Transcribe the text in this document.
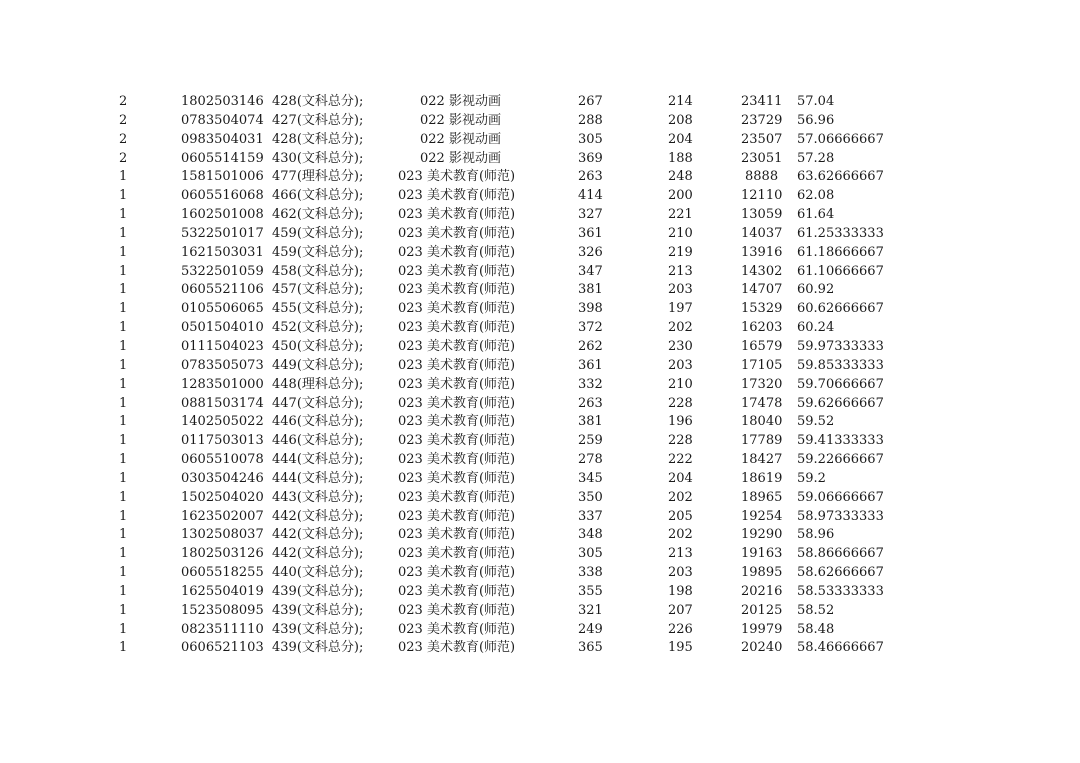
2	1802503146 428(文科总分);	022 影视动画	267	214	23411 57.04
2	0783504074 427(文科总分);	022 影视动画	288	208	23729 56.96
2	0983504031 428(文科总分);	022 影视动画	305	204	23507 57.06666667
2	0605514159 430(文科总分);	022 影视动画	369	188	23051 57.28
1	1581501006 477(理科总分);	023 美术教育(师范)	263	248	8888 63.62666667
1	0605516068 466(文科总分);	023 美术教育(师范)	414	200	12110 62.08
1	1602501008 462(文科总分);	023 美术教育(师范)	327	221	13059 61.64
1	5322501017 459(文科总分);	023 美术教育(师范)	361	210	14037 61.25333333
1	1621503031 459(文科总分);	023 美术教育(师范)	326	219	13916 61.18666667
1	5322501059 458(文科总分);	023 美术教育(师范)	347	213	14302 61.10666667
1	0605521106 457(文科总分);	023 美术教育(师范)	381	203	14707 60.92
1	0105506065 455(文科总分);	023 美术教育(师范)	398	197	15329 60.62666667
1	0501504010 452(文科总分);	023 美术教育(师范)	372	202	16203 60.24
1	0111504023 450(文科总分);	023 美术教育(师范)	262	230	16579 59.97333333
1	0783505073 449(文科总分);	023 美术教育(师范)	361	203	17105 59.85333333
1	1283501000 448(理科总分);	023 美术教育(师范)	332	210	17320 59.70666667
1	0881503174 447(文科总分);	023 美术教育(师范)	263	228	17478 59.62666667
1	1402505022 446(文科总分);	023 美术教育(师范)	381	196	18040 59.52
1	0117503013 446(文科总分);	023 美术教育(师范)	259	228	17789 59.41333333
1	0605510078 444(文科总分);	023 美术教育(师范)	278	222	18427 59.22666667
1	0303504246 444(文科总分);	023 美术教育(师范)	345	204	18619 59.2
1	1502504020 443(文科总分);	023 美术教育(师范)	350	202	18965 59.06666667
1	1623502007 442(文科总分);	023 美术教育(师范)	337	205	19254 58.97333333
1	1302508037 442(文科总分);	023 美术教育(师范)	348	202	19290 58.96
1	1802503126 442(文科总分);	023 美术教育(师范)	305	213	19163 58.86666667
1	0605518255 440(文科总分);	023 美术教育(师范)	338	203	19895 58.62666667
1	1625504019 439(文科总分);	023 美术教育(师范)	355	198	20216 58.53333333
1	1523508095 439(文科总分);	023 美术教育(师范)	321	207	20125 58.52
1	0823511110 439(文科总分);	023 美术教育(师范)	249	226	19979 58.48
1	0606521103 439(文科总分);	023 美术教育(师范)	365	195	20240 58.46666667
